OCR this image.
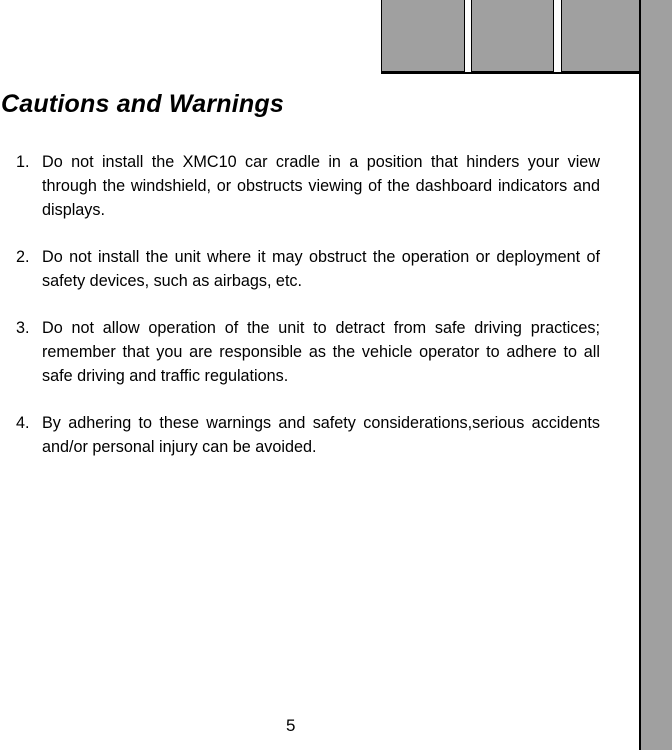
Cautions and Warnings
1. Do not install the XMC10 car cradle in a position that hinders your view through the windshield, or obstructs viewing of the dashboard indicators and displays.
2. Do not install the unit where it may obstruct the operation or deployment of safety devices, such as airbags, etc.
3. Do not allow operation of the unit to detract from safe driving practices; remember that you are responsible as the vehicle operator to adhere to all safe driving and traffic regulations.
4. By adhering to these warnings and safety considerations,serious accidents and/or personal injury can be avoided.
5
